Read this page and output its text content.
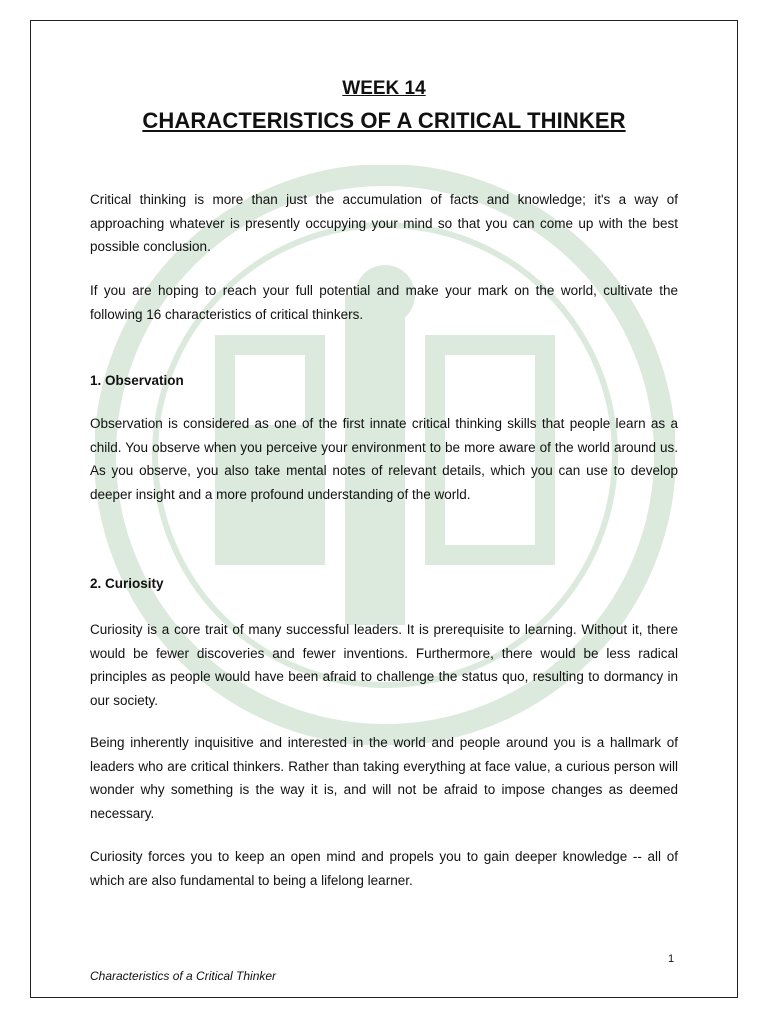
WEEK 14
CHARACTERISTICS OF A CRITICAL THINKER
Critical thinking is more than just the accumulation of facts and knowledge; it's a way of approaching whatever is presently occupying your mind so that you can come up with the best possible conclusion.
If you are hoping to reach your full potential and make your mark on the world, cultivate the following 16 characteristics of critical thinkers.
1. Observation
Observation is considered as one of the first innate critical thinking skills that people learn as a child. You observe when you perceive your environment to be more aware of the world around us. As you observe, you also take mental notes of relevant details, which you can use to develop deeper insight and a more profound understanding of the world.
2. Curiosity
Curiosity is a core trait of many successful leaders. It is prerequisite to learning. Without it, there would be fewer discoveries and fewer inventions. Furthermore, there would be less radical principles as people would have been afraid to challenge the status quo, resulting to dormancy in our society.
Being inherently inquisitive and interested in the world and people around you is a hallmark of leaders who are critical thinkers. Rather than taking everything at face value, a curious person will wonder why something is the way it is, and will not be afraid to impose changes as deemed necessary.
Curiosity forces you to keep an open mind and propels you to gain deeper knowledge -- all of which are also fundamental to being a lifelong learner.
1
Characteristics of a Critical Thinker
